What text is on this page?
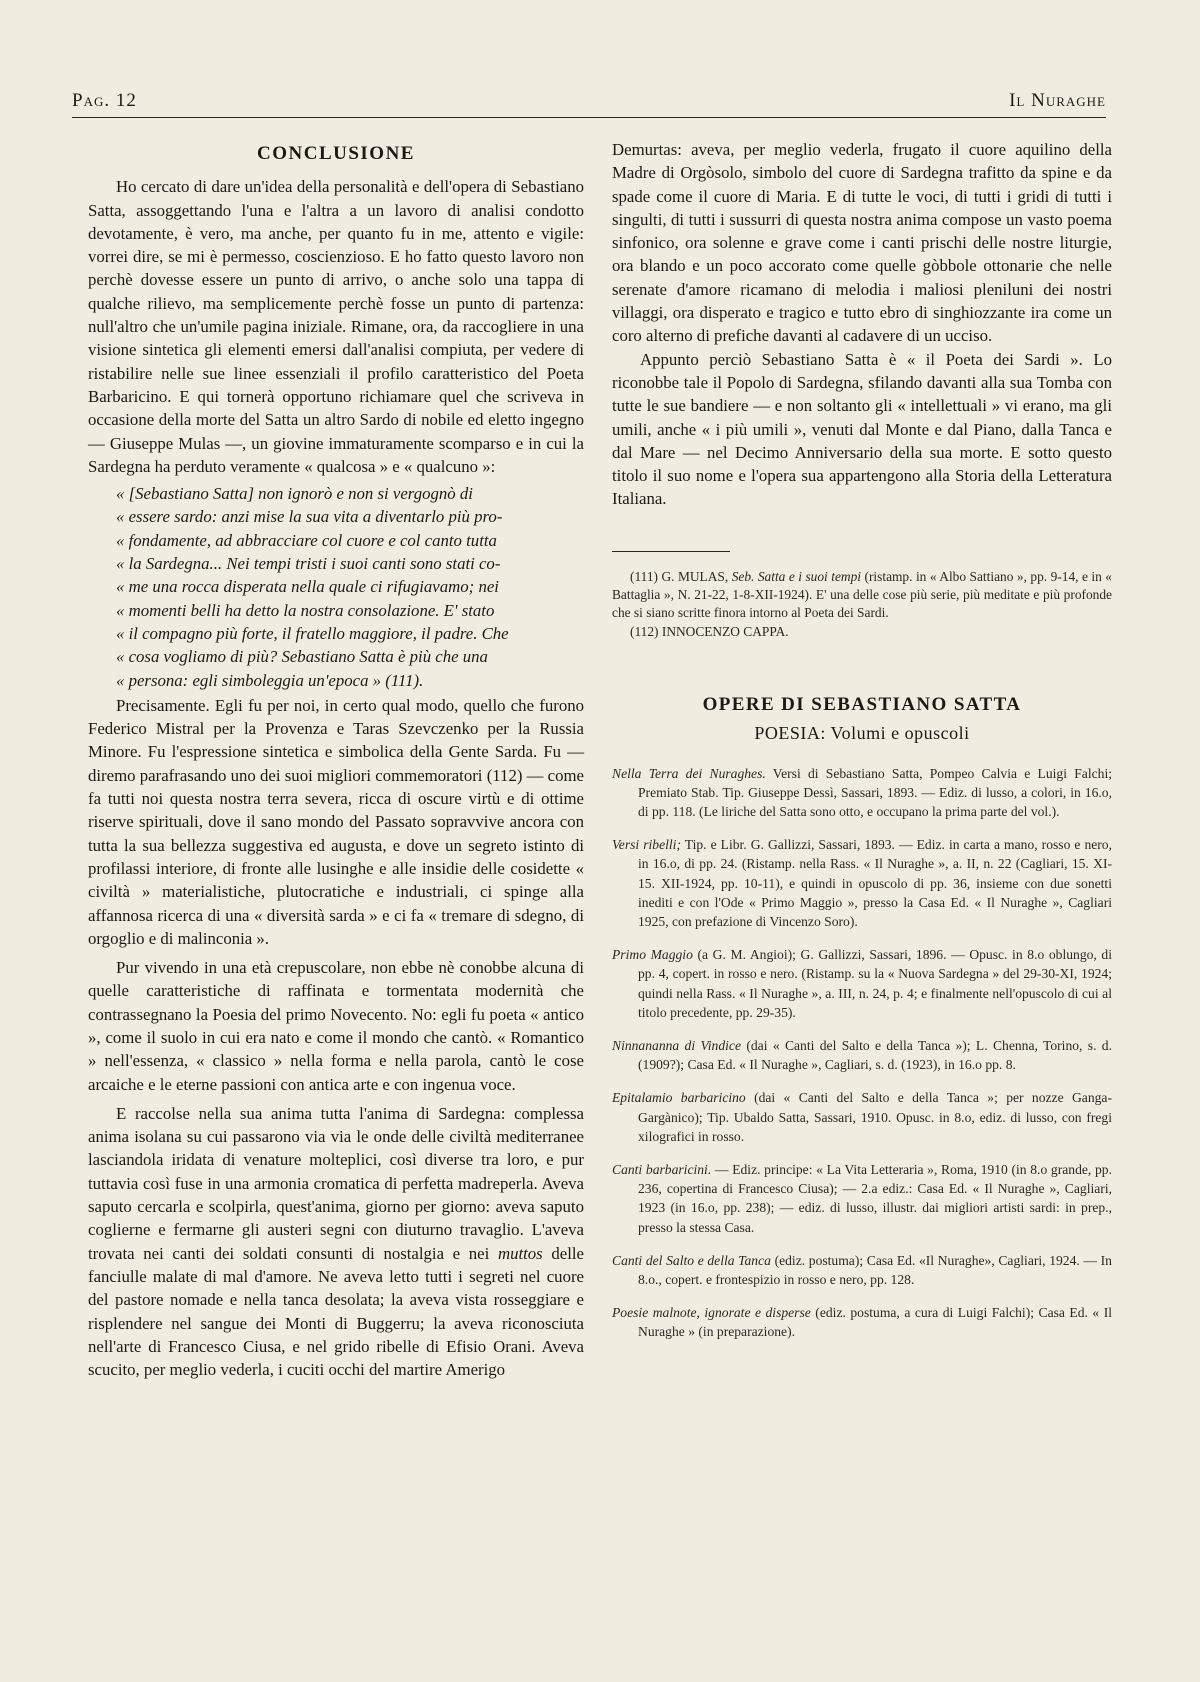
Pag. 12	Il Nuraghe
CONCLUSIONE

Ho cercato di dare un'idea della personalità e dell'opera di Sebastiano Satta, assoggettando l'una e l'altra a un lavoro di analisi condotto devotamente, è vero, ma anche, per quanto fu in me, attento e vigile: vorrei dire, se mi è permesso, coscienzioso. E ho fatto questo lavoro non perchè dovesse essere un punto di arrivo, o anche solo una tappa di qualche rilievo, ma semplicemente perchè fosse un punto di partenza: null'altro che un'umile pagina iniziale. Rimane, ora, da raccogliere in una visione sintetica gli elementi emersi dall'analisi compiuta, per vedere di ristabilire nelle sue linee essenziali il profilo caratteristico del Poeta Barbaricino. E qui tornerà opportuno richiamare quel che scriveva in occasione della morte del Satta un altro Sardo di nobile ed eletto ingegno — Giuseppe Mulas —, un giovine immaturamente scomparso e in cui la Sardegna ha perduto veramente « qualcosa » e « qualcuno »:

« [Sebastiano Satta] non ignorò e non si vergognò di
« essere sardo: anzi mise la sua vita a diventarlo più pro-
« fondamente, ad abbracciare col cuore e col canto tutta
« la Sardegna... Nei tempi tristi i suoi canti sono stati co-
« me una rocca disperata nella quale ci rifugiavamo; nei
« momenti belli ha detto la nostra consolazione. E' stato
« il compagno più forte, il fratello maggiore, il padre. Che
« cosa vogliamo di più? Sebastiano Satta è più che una
« persona: egli simboleggia un'epoca » (111).

Precisamente. Egli fu per noi, in certo qual modo, quello che furono Federico Mistral per la Provenza e Taras Szevczenko per la Russia Minore. Fu l'espressione sintetica e simbolica della Gente Sarda. Fu — diremo parafrasando uno dei suoi migliori commemoratori (112) — come fa tutti noi questa nostra terra severa, ricca di oscure virtù e di ottime riserve spirituali, dove il sano mondo del Passato sopravvive ancora con tutta la sua bellezza suggestiva ed augusta, e dove un segreto istinto di profilassi interiore, di fronte alle lusinghe e alle insidie delle cosidette « civiltà » materialistiche, plutocratiche e industriali, ci spinge alla affannosa ricerca di una « diversità sarda » e ci fa « tremare di sdegno, di orgoglio e di malinconia ».

Pur vivendo in una età crepuscolare, non ebbe nè conobbe alcuna di quelle caratteristiche di raffinata e tormentata modernità che contrassegnano la Poesia del primo Novecento. No: egli fu poeta « antico », come il suolo in cui era nato e come il mondo che cantò. « Romantico » nell'essenza, « classico » nella forma e nella parola, cantò le cose arcaiche e le eterne passioni con antica arte e con ingenua voce.

E raccolse nella sua anima tutta l'anima di Sardegna: complessa anima isolana su cui passarono via via le onde delle civiltà mediterranee lasciandola iridata di venature molteplici, così diverse tra loro, e pur tuttavia così fuse in una armonia cromatica di perfetta madreperla. Aveva saputo cercarla e scolpirla, quest'anima, giorno per giorno: aveva saputo coglierne e fermarne gli austeri segni con diuturno travaglio. L'aveva trovata nei canti dei soldati consunti di nostalgia e nei muttos delle fanciulle malate di mal d'amore. Ne aveva letto tutti i segreti nel cuore del pastore nomade e nella tanca desolata; la aveva vista rosseggiare e risplendere nel sangue dei Monti di Buggerru; la aveva riconosciuta nell'arte di Francesco Ciusa, e nel grido ribelle di Efisio Orani. Aveva scucito, per meglio vederla, i cuciti occhi del martire Amerigo

Demurtas: aveva, per meglio vederla, frugato il cuore aquilino della Madre di Orgòsolo, simbolo del cuore di Sardegna trafitto da spine e da spade come il cuore di Maria. E di tutte le voci, di tutti i gridi di tutti i singulti, di tutti i sussurri di questa nostra anima compose un vasto poema sinfonico, ora solenne e grave come i canti prischi delle nostre liturgie, ora blando e un poco accorato come quelle gòbbole ottonarie che nelle serenate d'amore ricamano di melodia i maliosi pleniluni dei nostri villaggi, ora disperato e tragico e tutto ebro di singhiozzante ira come un coro alterno di prefiche davanti al cadavere di un ucciso.

Appunto perciò Sebastiano Satta è « il Poeta dei Sardi ». Lo riconobbe tale il Popolo di Sardegna, sfilando davanti alla sua Tomba con tutte le sue bandiere — e non soltanto gli « intellettuali » vi erano, ma gli umili, anche « i più umili », venuti dal Monte e dal Piano, dalla Tanca e dal Mare — nel Decimo Anniversario della sua morte. E sotto questo titolo il suo nome e l'opera sua appartengono alla Storia della Letteratura Italiana.

(111) G. MULAS, Seb. Satta e i suoi tempi (ristamp. in « Albo Sattiano », pp. 9-14, e in « Battaglia », N. 21-22, 1-8-XII-1924). E' una delle cose più serie, più meditate e più profonde che si siano scritte finora intorno al Poeta dei Sardi.

(112) INNOCENZO CAPPA.

OPERE DI SEBASTIANO SATTA
POESIA: Volumi e opuscoli
Nella Terra dei Nuraghes. Versi di Sebastiano Satta, Pompeo Calvia e Luigi Falchi; Premiato Stab. Tip. Giuseppe Dessì, Sassari, 1893. — Ediz. di lusso, a colori, in 16.o, di pp. 118. (Le liriche del Satta sono otto, e occupano la prima parte del vol.).
Versi ribelli; Tip. e Libr. G. Gallizzi, Sassari, 1893. — Ediz. in carta a mano, rosso e nero, in 16.o, di pp. 24. (Ristamp. nella Rass. « Il Nuraghe », a. II, n. 22 (Cagliari, 15. XI-15. XII-1924, pp. 10-11), e quindi in opuscolo di pp. 36, insieme con due sonetti inediti e con l'Ode « Primo Maggio », presso la Casa Ed. « Il Nuraghe », Cagliari 1925, con prefazione di Vincenzo Soro).
Primo Maggio (a G. M. Angioi); G. Gallizzi, Sassari, 1896. — Opusc. in 8.o oblungo, di pp. 4, copert. in rosso e nero. (Ristamp. su la « Nuova Sardegna » del 29-30-XI, 1924; quindi nella Rass. « Il Nuraghe », a. III, n. 24, p. 4; e finalmente nell'opuscolo di cui al titolo precedente, pp. 29-35).
Ninnananna di Vindice (dai « Canti del Salto e della Tanca »); L. Chenna, Torino, s. d. (1909?); Casa Ed. « Il Nuraghe », Cagliari, s. d. (1923), in 16.o pp. 8.
Epitalamio barbaricino (dai « Canti del Salto e della Tanca »; per nozze Ganga-Gargànico); Tip. Ubaldo Satta, Sassari, 1910. Opusc. in 8.o, ediz. di lusso, con fregi xilografici in rosso.
Canti barbaricini. — Ediz. principe: « La Vita Letteraria », Roma, 1910 (in 8.o grande, pp. 236, copertina di Francesco Ciusa); — 2.a ediz.: Casa Ed. « Il Nuraghe », Cagliari, 1923 (in 16.o, pp. 238); — ediz. di lusso, illustr. dai migliori artisti sardi: in prep., presso la stessa Casa.
Canti del Salto e della Tanca (ediz. postuma); Casa Ed. «Il Nuraghe», Cagliari, 1924. — In 8.o., copert. e frontespizio in rosso e nero, pp. 128.
Poesie malnote, ignorate e disperse (ediz. postuma, a cura di Luigi Falchi); Casa Ed. « Il Nuraghe » (in preparazione).
